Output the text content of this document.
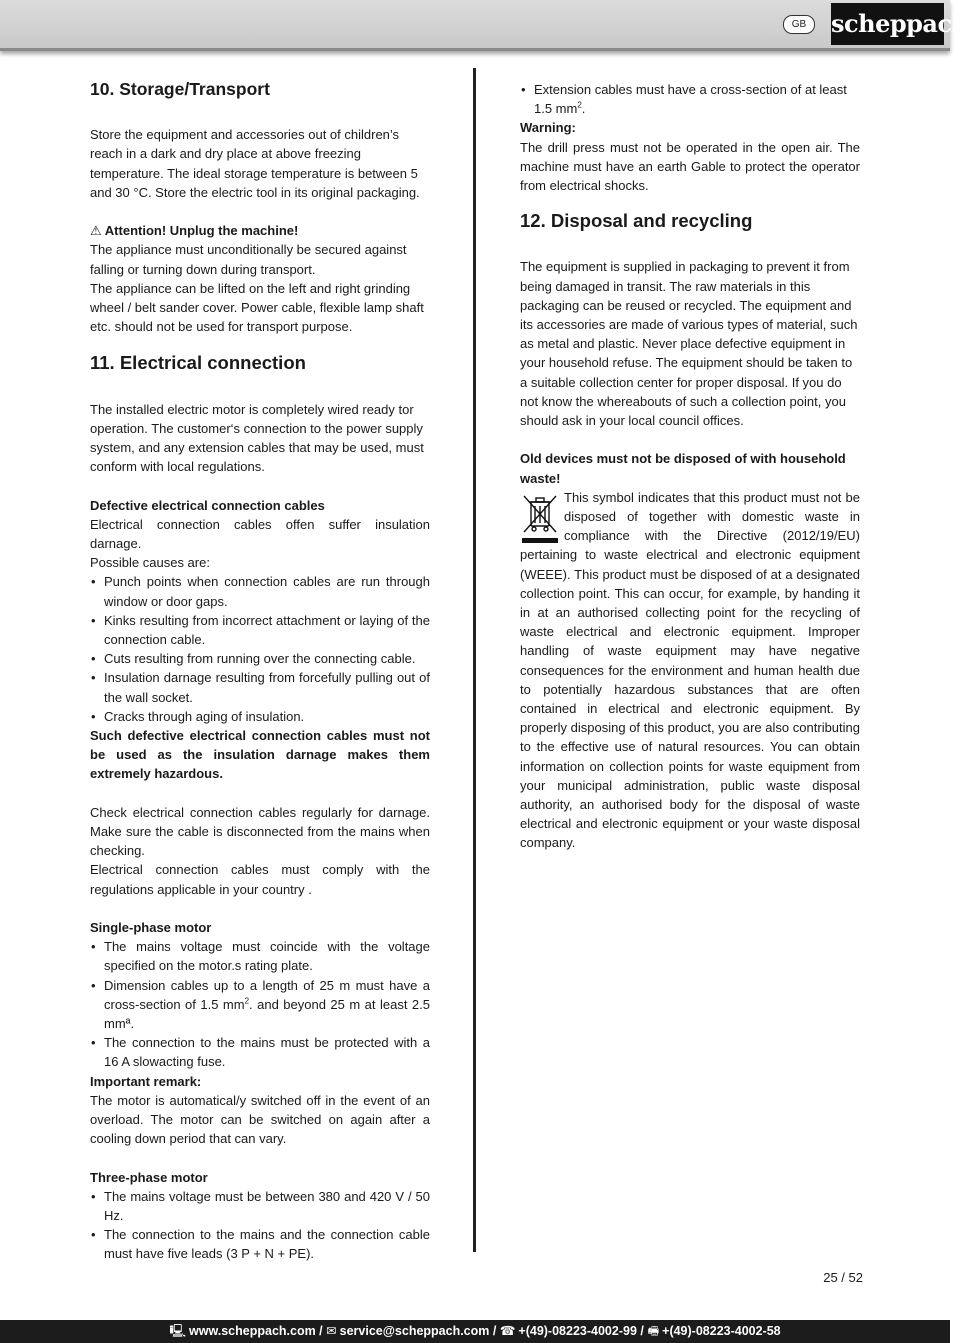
GB	scheppach
10. Storage/Transport

Store the equipment and accessories out of children’s reach in a dark and dry place at above freezing temperature. The ideal storage temperature is between 5 and 30 °C. Store the electric tool in its original packaging.

⚠ Attention! Unplug the machine!

The appliance must unconditionally be secured against falling or turning down during transport.

The appliance can be lifted on the left and right grinding wheel / belt sander cover. Power cable, flexible lamp shaft etc. should not be used for transport purpose.

11. Electrical connection

The installed electric motor is completely wired ready tor operation. The customer‘s connection to the power supply system, and any extension cables that may be used, must conform with local regulations.

Defective electrical connection cables

Electrical connection cables offen suffer insulation darnage.

Possible causes are:

• Punch points when connection cables are run through window or door gaps.
• Kinks resulting from incorrect attachment or laying of the connection cable.
• Cuts resulting from running over the connecting cable.
• Insulation darnage resulting from forcefully pulling out of the wall socket.
• Cracks through aging of insulation.

Such defective electrical connection cables must not be used as the insulation darnage makes them extremely hazardous.

Check electrical connection cables regularly for darnage. Make sure the cable is disconnected from the mains when checking.

Electrical connection cables must comply with the regulations applicable in your country .

Single-phase motor

• The mains voltage must coincide with the voltage specified on the motor.s rating plate.
• Dimension cables up to a length of 25 m must have a cross-section of 1.5 $mm^2$. and beyond 25 m at least 2.5 mmª.
• The connection to the mains must be protected with a 16 A slowacting fuse.

Important remark:

The motor is automatical/y switched off in the event of an overload. The motor can be switched on again after a cooling down period that can vary.

Three-phase motor

• The mains voltage must be between 380 and 420 V / 50 Hz.
• The connection to the mains and the connection cable must have five leads (3 P + N + PE).
• Extension cables must have a cross-section of at least 1.5 $mm^2$.

Warning:

The drill press must not be operated in the open air. The machine must have an earth Gable to protect the operator from electrical shocks.

12. Disposal and recycling

The equipment is supplied in packaging to prevent it from being damaged in transit. The raw materials in this packaging can be reused or recycled. The equipment and its accessories are made of various types of material, such as metal and plastic. Never place defective equipment in your household refuse. The equipment should be taken to a suitable collection center for proper disposal. If you do not know the whereabouts of such a collection point, you should ask in your local council offices.

Old devices must not be disposed of with household waste!

This symbol indicates that this product must not be disposed of together with domestic waste in compliance with the Directive (2012/19/EU) pertaining to waste electrical and electronic equipment (WEEE). This product must be disposed of at a designated collection point. This can occur, for example, by handing it in at an authorised collecting point for the recycling of waste electrical and electronic equipment. Improper handling of waste equipment may have negative consequences for the environment and human health due to potentially hazardous substances that are often contained in electrical and electronic equipment. By properly disposing of this product, you are also contributing to the effective use of natural resources. You can obtain information on collection points for waste equipment from your municipal administration, public waste disposal authority, an authorised body for the disposal of waste electrical and electronic equipment or your waste disposal company.

25 / 52
🖳 www.scheppach.com / ✉ service@scheppach.com / ☎ +(49)-08223-4002-99 / 🖷 +(49)-08223-4002-58
